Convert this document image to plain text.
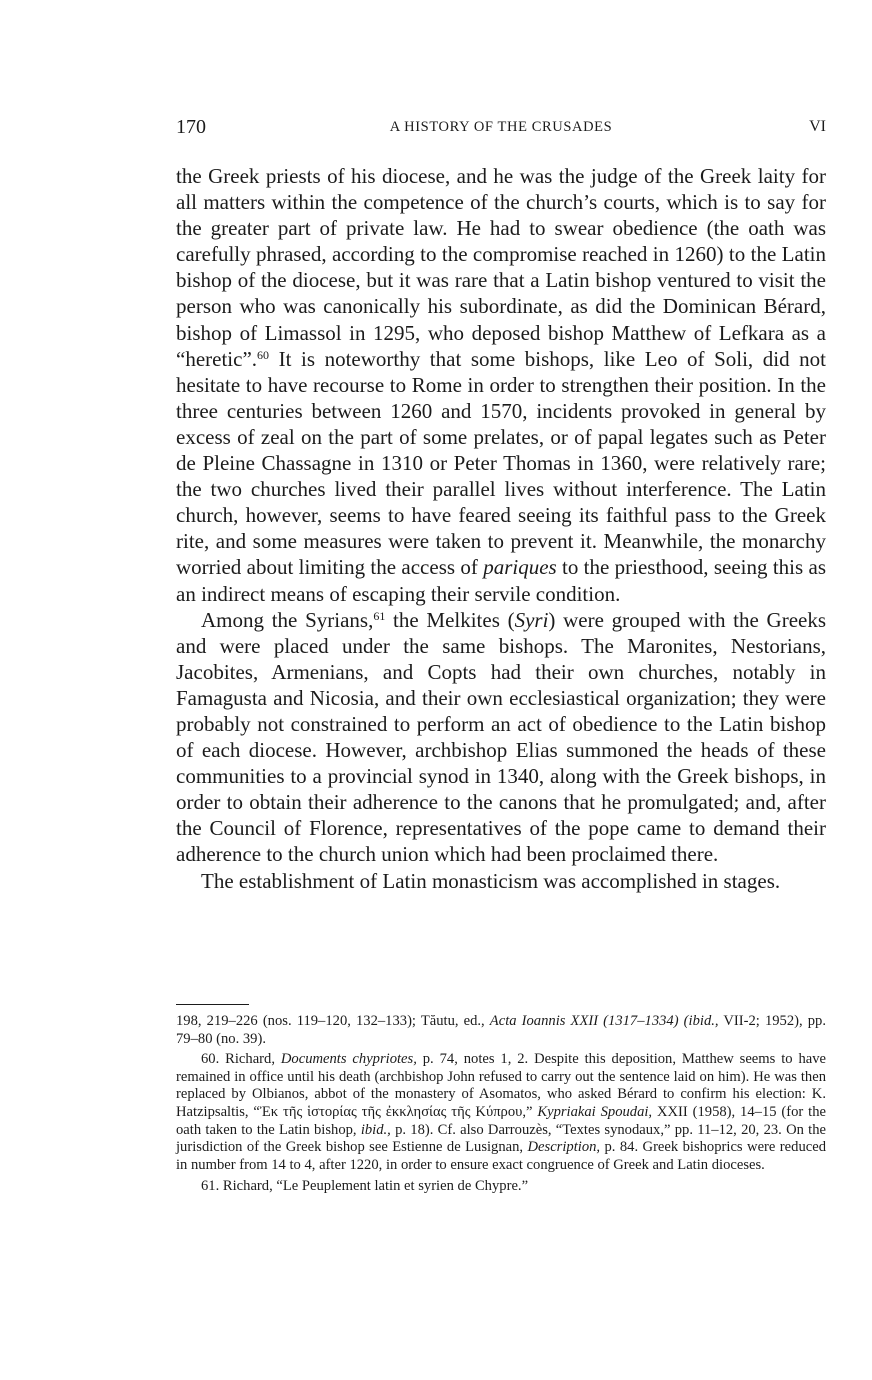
170	A HISTORY OF THE CRUSADES	VI

the Greek priests of his diocese, and he was the judge of the Greek laity for all matters within the competence of the church’s courts, which is to say for the greater part of private law. He had to swear obedience (the oath was carefully phrased, according to the compromise reached in 1260) to the Latin bishop of the diocese, but it was rare that a Latin bishop ventured to visit the person who was canonically his subordinate, as did the Dominican Bérard, bishop of Limassol in 1295, who deposed bishop Matthew of Lefkara as a “heretic”.$^{60}$ It is noteworthy that some bishops, like Leo of Soli, did not hesitate to have recourse to Rome in order to strengthen their position. In the three centuries between 1260 and 1570, incidents provoked in general by excess of zeal on the part of some prelates, or of papal legates such as Peter de Pleine Chassagne in 1310 or Peter Thomas in 1360, were relatively rare; the two churches lived their parallel lives without interference. The Latin church, however, seems to have feared seeing its faithful pass to the Greek rite, and some measures were taken to prevent it. Meanwhile, the monarchy worried about limiting the access of pariques to the priesthood, seeing this as an indirect means of escaping their servile condition.

Among the Syrians,$^{61}$ the Melkites (Syri) were grouped with the Greeks and were placed under the same bishops. The Maronites, Nestorians, Jacobites, Armenians, and Copts had their own churches, notably in Famagusta and Nicosia, and their own ecclesiastical organization; they were probably not constrained to perform an act of obedience to the Latin bishop of each diocese. However, archbishop Elias summoned the heads of these communities to a provincial synod in 1340, along with the Greek bishops, in order to obtain their adherence to the canons that he promulgated; and, after the Council of Florence, representatives of the pope came to demand their adherence to the church union which had been proclaimed there.

The establishment of Latin monasticism was accomplished in stages.

198, 219–226 (nos. 119–120, 132–133); Tăutu, ed., Acta Ioannis XXII (1317–1334) (ibid., VII-2; 1952), pp. 79–80 (no. 39).

60. Richard, Documents chypriotes, p. 74, notes 1, 2. Despite this deposition, Matthew seems to have remained in office until his death (archbishop John refused to carry out the sentence laid on him). He was then replaced by Olbianos, abbot of the monastery of Asomatos, who asked Bérard to confirm his election: K. Hatzipsaltis, “Ἐκ τῆς ἱστορίας τῆς ἐκκλησίας τῆς Κύπρου,” Kypriakai Spoudai, XXII (1958), 14–15 (for the oath taken to the Latin bishop, ibid., p. 18). Cf. also Darrouzès, “Textes synodaux,” pp. 11–12, 20, 23. On the jurisdiction of the Greek bishop see Estienne de Lusignan, Description, p. 84. Greek bishoprics were reduced in number from 14 to 4, after 1220, in order to ensure exact congruence of Greek and Latin dioceses.

61. Richard, “Le Peuplement latin et syrien de Chypre.”
